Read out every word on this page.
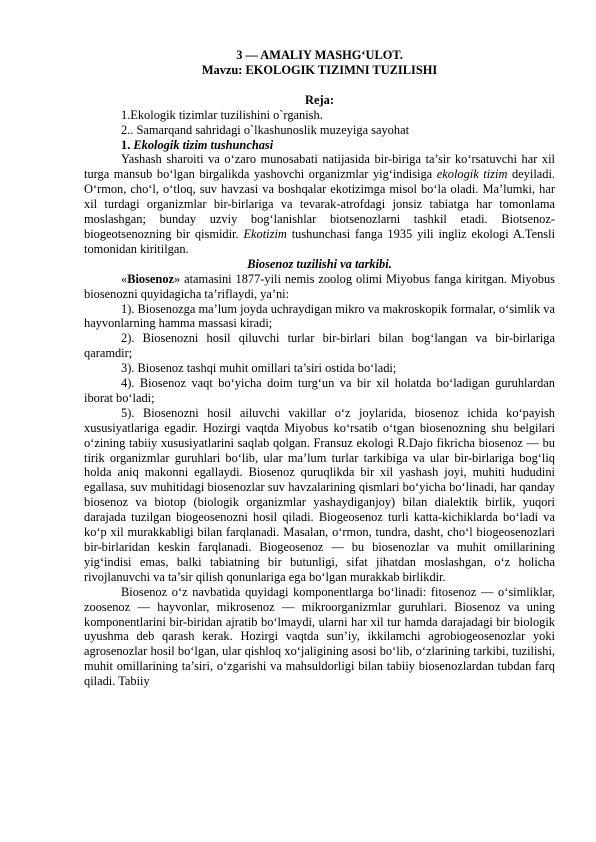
3 — AMALIY MASHG‘ULOT.
Mavzu: EKOLOGIK TIZIMNI TUZILISHI
Reja:
1.Ekologik tizimlar tuzilishini o`rganish.
2.. Samarqand sahridagi o`lkashunoslik muzeyiga sayohat
1. Ekologik tizim tushunchasi

Yashash sharoiti va o‘zaro munosabati natijasida bir-biriga ta’sir ko‘rsatuvchi har xil turga mansub bo‘lgan birgalikda yashovchi organizmlar yig‘indisiga ekologik tizim deyiladi. O‘rmon, cho‘l, o‘tloq, suv havzasi va boshqalar ekotizimga misol bo‘la oladi. Ma’lumki, har xil turdagi organizmlar bir-birlariga va tevarak-atrofdagi jonsiz tabiatga har tomonlama moslashgan; bunday uzviy bog‘lanishlar biotsenozlarni tashkil etadi. Biotsenoz-biogeotsenozning bir qismidir. Ekotizim tushunchasi fanga 1935 yili ingliz ekologi A.Tensli tomonidan kiritilgan.

Biosenoz tuzilishi va tarkibi.

«Biosenoz» atamasini 1877-yili nemis zoolog olimi Miyobus fanga kiritgan. Miyobus biosenozni quyidagicha ta’riflaydi, ya’ni:

1). Biosenozga ma’lum joyda uchraydigan mikro va makroskopik formalar, o‘simlik va hayvonlarning hamma massasi kiradi;

2). Biosenozni hosil qiluvchi turlar bir-birlari bilan bog‘langan va bir-birlariga qaramdir;

3). Biosenoz tashqi muhit omillari ta’siri ostida bo‘ladi;

4). Biosenoz vaqt bo‘yicha doim turg‘un va bir xil holatda bo‘ladigan guruhlardan iborat bo‘ladi;

5). Biosenozni hosil ailuvchi vakillar o‘z joylarida, biosenoz ichida ko‘payish xususiyatlariga egadir. Hozirgi vaqtda Miyobus ko‘rsatib o‘tgan biosenozning shu belgilari o‘zining tabiiy xususiyatlarini saqlab qolgan. Fransuz ekologi R.Dajo fikricha biosenoz — bu tirik organizmlar guruhlari bo‘lib, ular ma’lum turlar tarkibiga va ular bir-birlariga bog‘liq holda aniq makonni egallaydi. Biosenoz quruqlikda bir xil yashash joyi, muhiti hududini egallasa, suv muhitidagi biosenozlar suv havzalarining qismlari bo‘yicha bo‘linadi, har qanday biosenoz va biotop (biologik organizmlar yashaydiganjoy) bilan dialektik birlik, yuqori darajada tuzilgan biogeosenozni hosil qiladi. Biogeosenoz turli katta-kichiklarda bo‘ladi va ko‘p xil murakkabligi bilan farqlanadi. Masalan, o‘rmon, tundra, dasht, cho‘l biogeosenozlari bir-birlaridan keskin farqlanadi. Biogeosenoz — bu biosenozlar va muhit omillarining yig‘indisi emas, balki tabiatning bir butunligi, sifat jihatdan moslashgan, o‘z holicha rivojlanuvchi va ta’sir qilish qonunlariga ega bo‘lgan murakkab birlikdir.

Biosenoz o‘z navbatida quyidagi komponentlarga bo‘linadi: fitosenoz — o‘simliklar, zoosenoz — hayvonlar, mikrosenoz — mikroorganizmlar guruhlari. Biosenoz va uning komponentlarini bir-biridan ajratib bo‘lmaydi, ularni har xil tur hamda darajadagi bir biologik uyushma deb qarash kerak. Hozirgi vaqtda sun’iy, ikkilamchi agrobiogeosenozlar yoki agrosenozlar hosil bo‘lgan, ular qishloq xo‘jaligining asosi bo‘lib, o‘zlarining tarkibi, tuzilishi, muhit omillarining ta’siri, o‘zgarishi va mahsuldorligi bilan tabiiy biosenozlardan tubdan farq qiladi. Tabiiy
